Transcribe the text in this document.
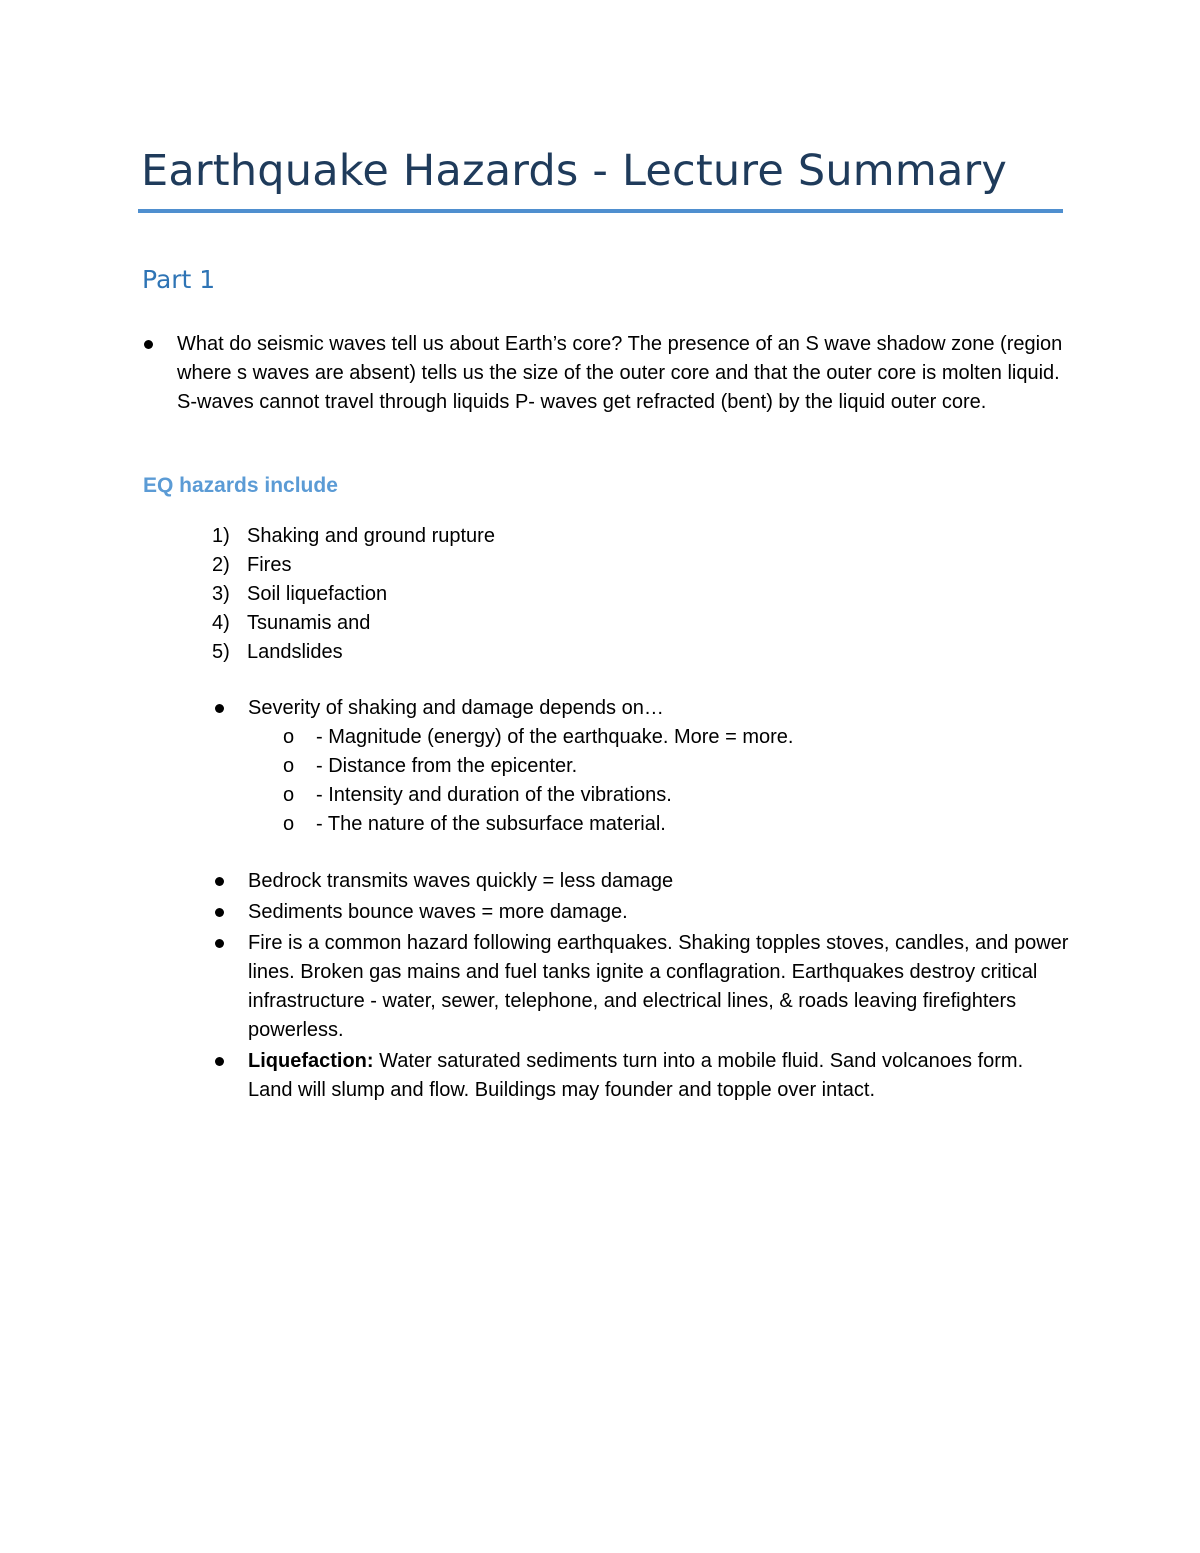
Earthquake Hazards - Lecture Summary
Part 1
What do seismic waves tell us about Earth’s core? The presence of an S wave shadow zone (region where s waves are absent) tells us the size of the outer core and that the outer core is molten liquid. S-waves cannot travel through liquids P- waves get refracted (bent) by the liquid outer core.
EQ hazards include
1) Shaking and ground rupture
2) Fires
3) Soil liquefaction
4) Tsunamis and
5) Landslides
Severity of shaking and damage depends on…
o - Magnitude (energy) of the earthquake. More = more.
o - Distance from the epicenter.
o - Intensity and duration of the vibrations.
o - The nature of the subsurface material.
Bedrock transmits waves quickly = less damage
Sediments bounce waves = more damage.
Fire is a common hazard following earthquakes. Shaking topples stoves, candles, and power lines. Broken gas mains and fuel tanks ignite a conflagration. Earthquakes destroy critical infrastructure - water, sewer, telephone, and electrical lines, & roads leaving firefighters powerless.
Liquefaction: Water saturated sediments turn into a mobile fluid. Sand volcanoes form. Land will slump and flow. Buildings may founder and topple over intact.
